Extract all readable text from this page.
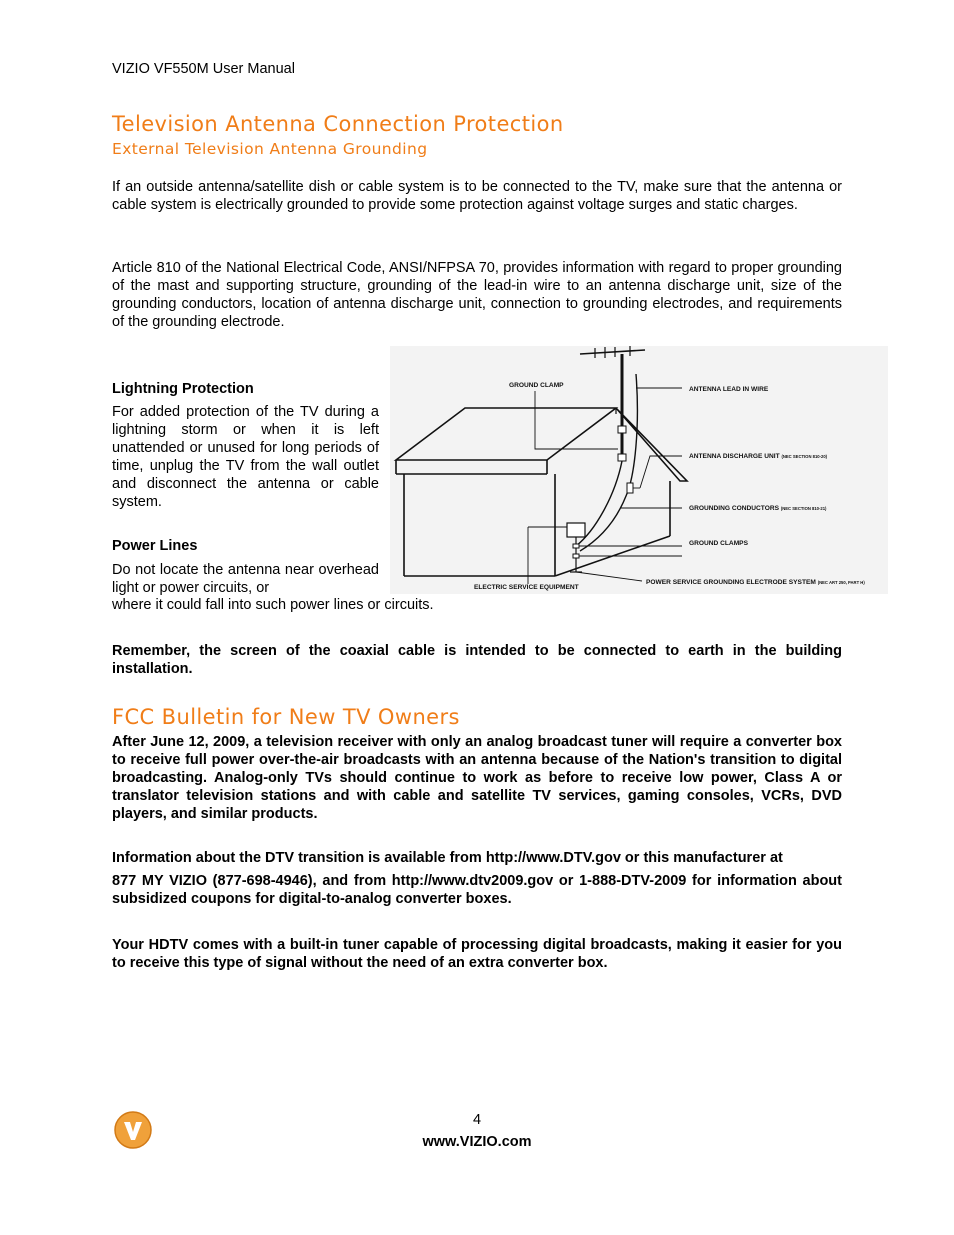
VIZIO VF550M User Manual
Television Antenna Connection Protection
External Television Antenna Grounding

If an outside antenna/satellite dish or cable system is to be connected to the TV, make sure that the antenna or cable system is electrically grounded to provide some protection against voltage surges and static charges.

Article 810 of the National Electrical Code, ANSI/NFPSA 70, provides information with regard to proper grounding of the mast and supporting structure, grounding of the lead-in wire to an antenna discharge unit, size of the grounding conductors, location of antenna discharge unit, connection to grounding electrodes, and requirements of the grounding electrode.

Lightning Protection

For added protection of the TV during a lightning storm or when it is left unattended or unused for long periods of time, unplug the TV from the wall outlet and disconnect the antenna or cable system.

Power Lines

Do not locate the antenna near overhead light or power circuits, or

where it could fall into such power lines or circuits.
GROUND CLAMP
ANTENNA LEAD IN WIRE
ANTENNA DISCHARGE UNIT (NEC SECTION 810-20)
GROUNDING CONDUCTORS (NEC SECTION 810-21)
GROUND CLAMPS
ELECTRIC SERVICE EQUIPMENT
POWER SERVICE GROUNDING ELECTRODE SYSTEM (NEC ART 250, PART H)

Remember, the screen of the coaxial cable is intended to be connected to earth in the building installation.

FCC Bulletin for New TV Owners

After June 12, 2009, a television receiver with only an analog broadcast tuner will require a converter box to receive full power over-the-air broadcasts with an antenna because of the Nation's transition to digital broadcasting. Analog-only TVs should continue to work as before to receive low power, Class A or translator television stations and with cable and satellite TV services, gaming consoles, VCRs, DVD players, and similar products.

Information about the DTV transition is available from http://www.DTV.gov or this manufacturer at

877 MY VIZIO (877-698-4946), and from http://www.dtv2009.gov or 1-888-DTV-2009 for information about subsidized coupons for digital-to-analog converter boxes.

Your HDTV comes with a built-in tuner capable of processing digital broadcasts, making it easier for you to receive this type of signal without the need of an extra converter box.

4
www.VIZIO.com
